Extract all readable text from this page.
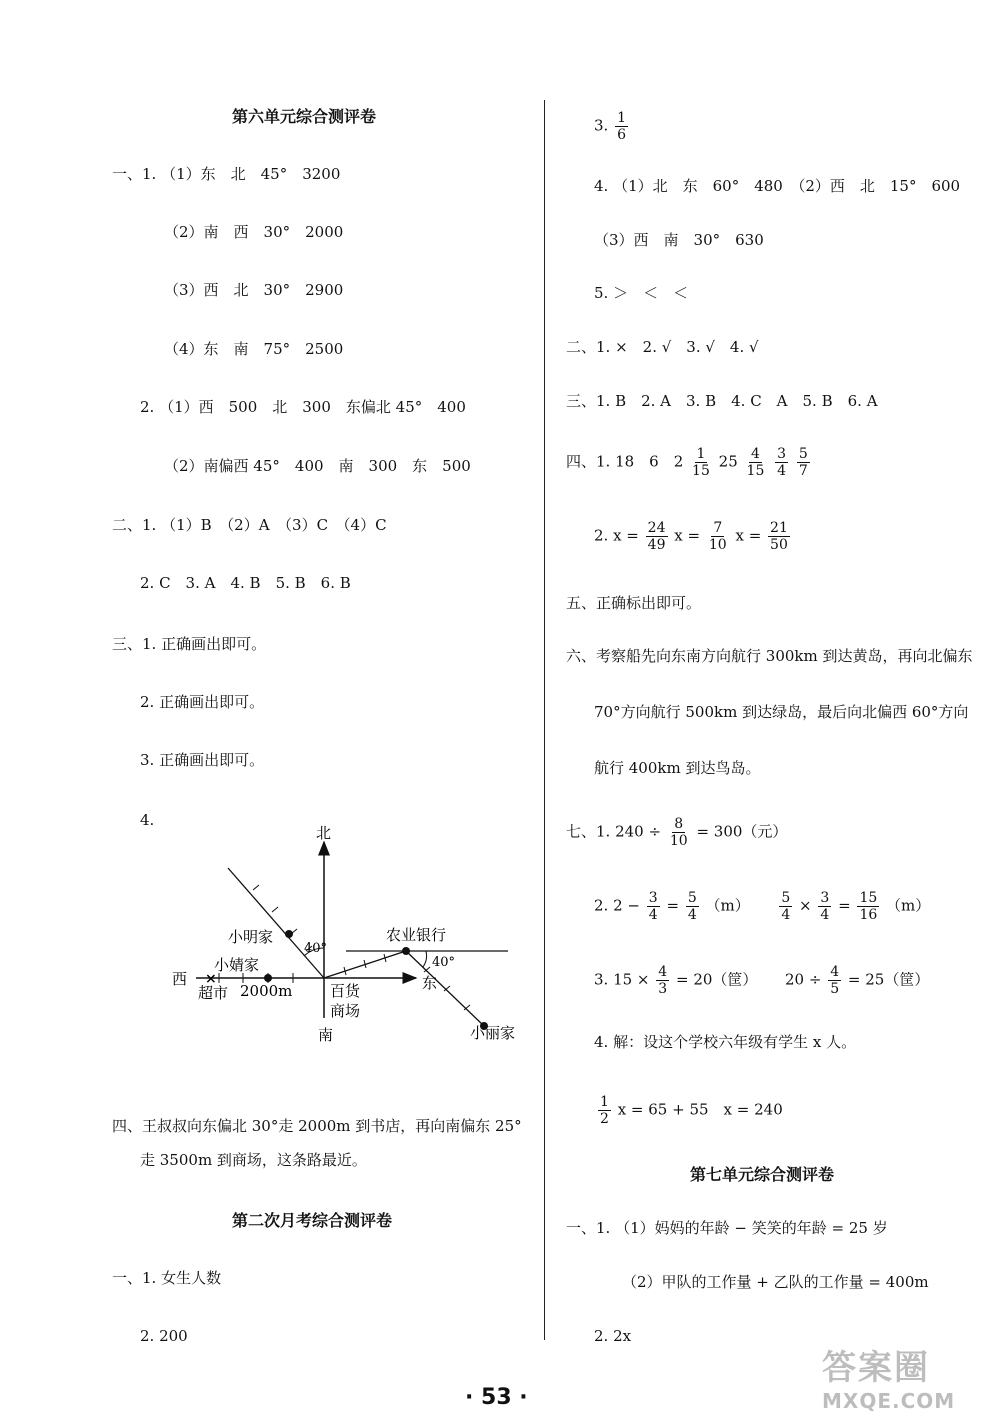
第六单元综合测评卷
一、1. （1）东　北　45°　3200
（2）南　西　30°　2000
（3）西　北　30°　2900
（4）东　南　75°　2500
2. （1）西　500　北　300　东偏北 45°　400
（2）南偏西 45°　400　南　300　东　500
二、1. （1）B　（2）A　（3）C　（4）C
2. C　3. A　4. B　5. B　6. B
三、1. 正确画出即可。
2. 正确画出即可。
3. 正确画出即可。
4.
×
北
南
西	东
小明家
小婧家
超市 2000m	百货
商场
农业银行
小丽家
40°
40°
四、王叔叔向东偏北 30°走 2000m 到书店，再向南偏东 25°
走 3500m 到商场，这条路最近。
第二次月考综合测评卷
一、1. 女生人数
2. 200
3. $\frac{1}{6}$
4. （1）北　东　60°　480　（2）西　北　15°　600
（3）西　南　30°　630
5. ＞　＜　＜
二、1. ×　2. √　3. √　4. √
三、1. B　2. A　3. B　4. C　A　5. B　6. A
四、1. 18　6　$2 \frac{1}{15} 25 \frac{4}{15}$
$\frac{3}{4}$
$\frac{5}{7}$
2. $x = \frac{24}{49}$ $x = \frac{7}{10}$ $x = \frac{21}{50}$
五、正确标出即可。
六、考察船先向东南方向航行 300km 到达黄岛，再向北偏东
70°方向航行 500km 到达绿岛，最后向北偏西 60°方向
航行 400km 到达鸟岛。
七、1. $240 \div \frac{8}{10} = 300$（元）
2. $2 - \frac{3}{4} = \frac{5}{4} (m) \frac{5}{4} \times \frac{3}{4} = \frac{15}{16} (m)$
3. $15 \times \frac{4}{3} = 20$（筐） $20 \div \frac{4}{5} = 25$（筐）
4. 解：设这个学校六年级有学生 x 人。
$\frac{1}{2}$ x = 65 + 55　x = 240
第七单元综合测评卷
一、1. （1）妈妈的年龄 − 笑笑的年龄 = 25 岁
（2）甲队的工作量 + 乙队的工作量 = 400m
2. 2x
· 53 ·
答案圈
MXQE.COM
